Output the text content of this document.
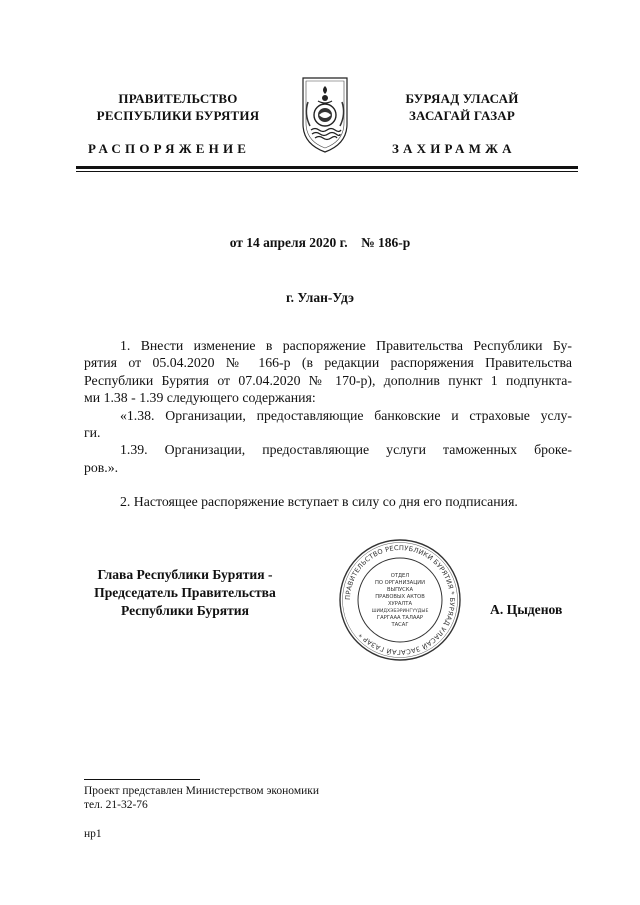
ПРАВИТЕЛЬСТВО
РЕСПУБЛИКИ БУРЯТИЯ
БУРЯАД УЛАСАЙ
ЗАСАГАЙ ГАЗАР
РАСПОРЯЖЕНИЕ	ЗАХИРАМЖА
от 14 апреля 2020 г. № 186-р
г. Улан-Удэ

1. Внести изменение в распоряжение Правительства Республики Бу-

рятия от 05.04.2020 № 166-р (в редакции распоряжения Правительства

Республики Бурятия от 07.04.2020 № 170-р), дополнив пункт 1 подпункта-

ми 1.38 - 1.39 следующего содержания:

«1.38. Организации, предоставляющие банковские и страховые услу-

ги.

1.39. Организации, предоставляющие услуги таможенных броке-

ров.».

2. Настоящее распоряжение вступает в силу со дня его подписания.

Глава Республики Бурятия -
Председатель Правительства
Республики Бурятия
ПРАВИТЕЛЬСТВО РЕСПУБЛИКИ БУРЯТИЯ * БУРЯАД УЛАСАЙ ЗАСАГАЙ ГАЗАР *
ОТДЕЛ
ПО ОРГАНИЗАЦИИ
ВЫПУСКА
ПРАВОВЫХ АКТОВ
ХУРАЛТА
ШИИДХЭБЭРИНГҮҮДЫЕ
ГАРГААА ТАЛААР
ТАСАГ
А. Цыденов
Проект представлен Министерством экономики
тел. 21-32-76
нр1
